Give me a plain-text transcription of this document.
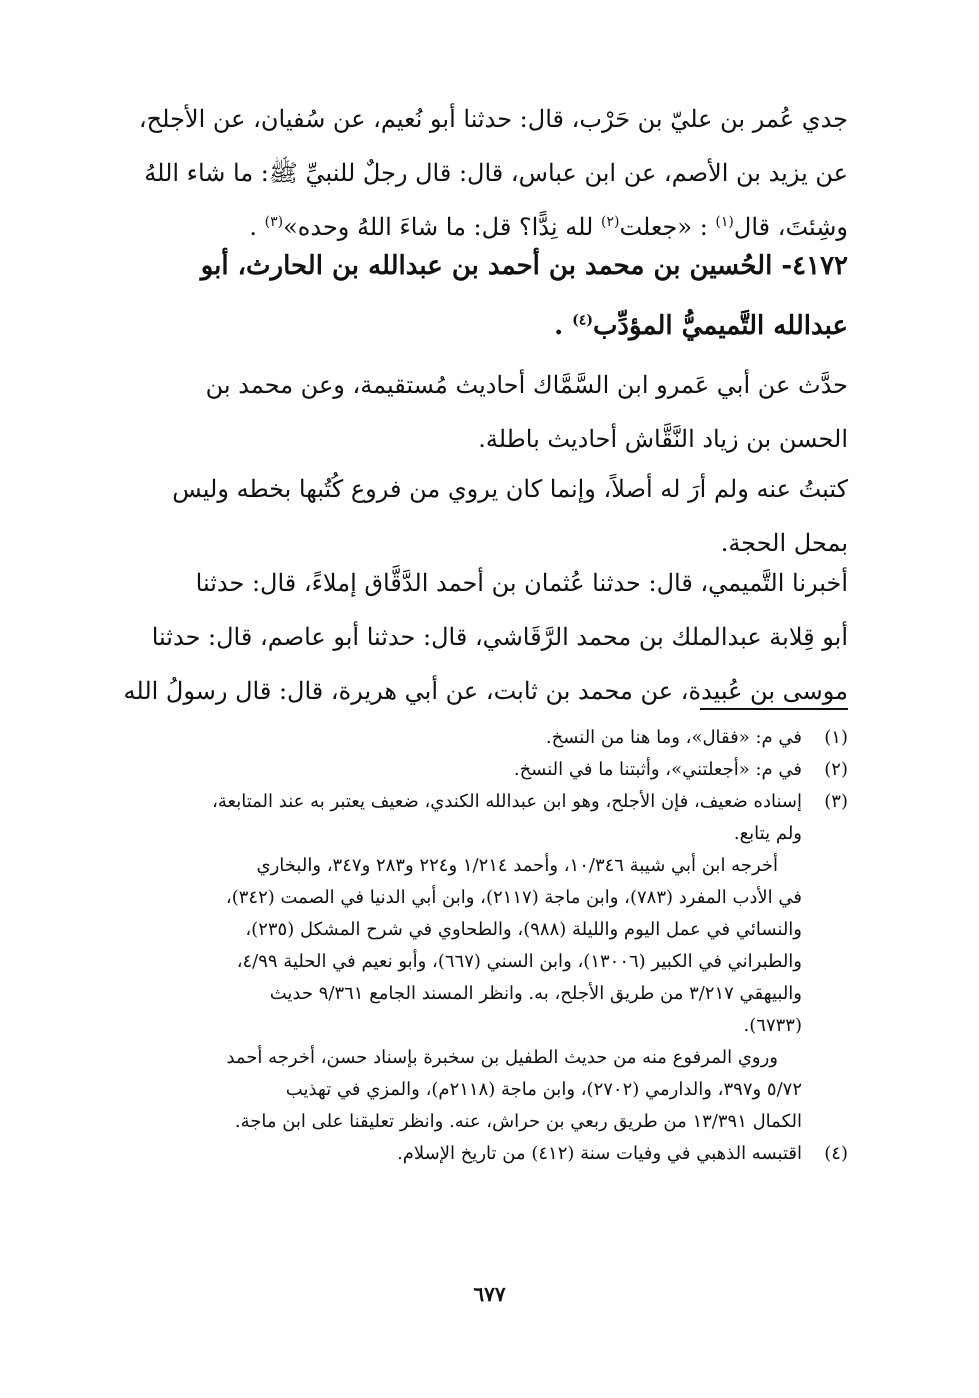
جدي عُمر بن عليّ بن حَرْب، قال: حدثنا أبو نُعيم، عن سُفيان، عن الأجلح،
عن يزيد بن الأصم، عن ابن عباس، قال: قال رجلٌ للنبيِّ ﷺ: ما شاء اللهُ
وشِئتَ، قال$^{(١)}$ : «جعلت$^{(٢)}$ لله نِدًّا؟ قل: ما شاءَ اللهُ وحده»$^{(٣)}$ .
٤١٧٢- الحُسين بن محمد بن أحمد بن عبدالله بن الحارث، أبو
عبدالله التَّميميُّ المؤدِّب$^{(٤)}$ .
حدَّث عن أبي عَمرو ابن السَّمَّاك أحاديث مُستقيمة، وعن محمد بن
الحسن بن زياد النَّقَّاش أحاديث باطلة.
كتبتُ عنه ولم أرَ له أصلاً، وإنما كان يروي من فروع كُتُبها بخطه وليس
بمحل الحجة.
أخبرنا التَّميمي، قال: حدثنا عُثمان بن أحمد الدَّقَّاق إملاءً، قال: حدثنا
أبو قِلابة عبدالملك بن محمد الرَّقَاشي، قال: حدثنا أبو عاصم، قال: حدثنا
موسى بن عُبيدة، عن محمد بن ثابت، عن أبي هريرة، قال: قال رسولُ الله
(١)
في م: «فقال»، وما هنا من النسخ.
(٢)
في م: «أجعلتني»، وأثبتنا ما في النسخ.
(٣)
إسناده ضعيف، فإن الأجلح، وهو ابن عبدالله الكندي، ضعيف يعتبر به عند المتابعة،
ولم يتابع.
أخرجه ابن أبي شيبة ١٠/٣٤٦، وأحمد ١/٢١٤ و٢٢٤ و٢٨٣ و٣٤٧، والبخاري
في الأدب المفرد (٧٨٣)، وابن ماجة (٢١١٧)، وابن أبي الدنيا في الصمت (٣٤٢)،
والنسائي في عمل اليوم والليلة (٩٨٨)، والطحاوي في شرح المشكل (٢٣٥)،
والطبراني في الكبير (١٣٠٠٦)، وابن السني (٦٦٧)، وأبو نعيم في الحلية ٤/٩٩،
والبيهقي ٣/٢١٧ من طريق الأجلح، به. وانظر المسند الجامع ٩/٣٦١ حديث
(٦٧٣٣).
وروي المرفوع منه من حديث الطفيل بن سخبرة بإسناد حسن، أخرجه أحمد
٥/٧٢ و٣٩٧، والدارمي (٢٧٠٢)، وابن ماجة (٢١١٨م)، والمزي في تهذيب
الكمال ١٣/٣٩١ من طريق ربعي بن حراش، عنه. وانظر تعليقنا على ابن ماجة.
(٤)
اقتبسه الذهبي في وفيات سنة (٤١٢) من تاريخ الإسلام.
٦٧٧
